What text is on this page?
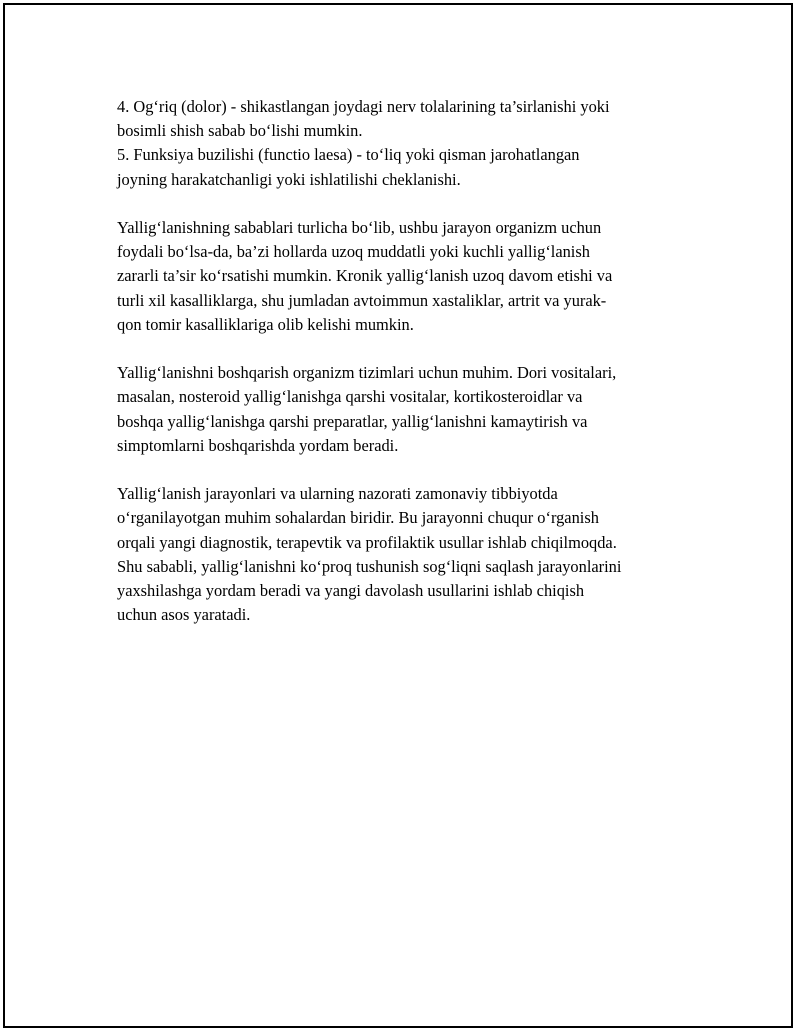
4. Og‘riq (dolor) - shikastlangan joydagi nerv tolalarining ta’sirlanishi yoki
bosimli shish sabab bo‘lishi mumkin.
5. Funksiya buzilishi (functio laesa) - to‘liq yoki qisman jarohatlangan
joyning harakatchanligi yoki ishlatilishi cheklanishi.

Yallig‘lanishning sabablari turlicha bo‘lib, ushbu jarayon organizm uchun
foydali bo‘lsa-da, ba’zi hollarda uzoq muddatli yoki kuchli yallig‘lanish
zararli ta’sir ko‘rsatishi mumkin. Kronik yallig‘lanish uzoq davom etishi va
turli xil kasalliklarga, shu jumladan avtoimmun xastaliklar, artrit va yurak-
qon tomir kasalliklariga olib kelishi mumkin.

Yallig‘lanishni boshqarish organizm tizimlari uchun muhim. Dori vositalari,
masalan, nosteroid yallig‘lanishga qarshi vositalar, kortikosteroidlar va
boshqa yallig‘lanishga qarshi preparatlar, yallig‘lanishni kamaytirish va
simptomlarni boshqarishda yordam beradi.

Yallig‘lanish jarayonlari va ularning nazorati zamonaviy tibbiyotda
o‘rganilayotgan muhim sohalardan biridir. Bu jarayonni chuqur o‘rganish
orqali yangi diagnostik, terapevtik va profilaktik usullar ishlab chiqilmoqda.
Shu sababli, yallig‘lanishni ko‘proq tushunish sog‘liqni saqlash jarayonlarini
yaxshilashga yordam beradi va yangi davolash usullarini ishlab chiqish
uchun asos yaratadi.
